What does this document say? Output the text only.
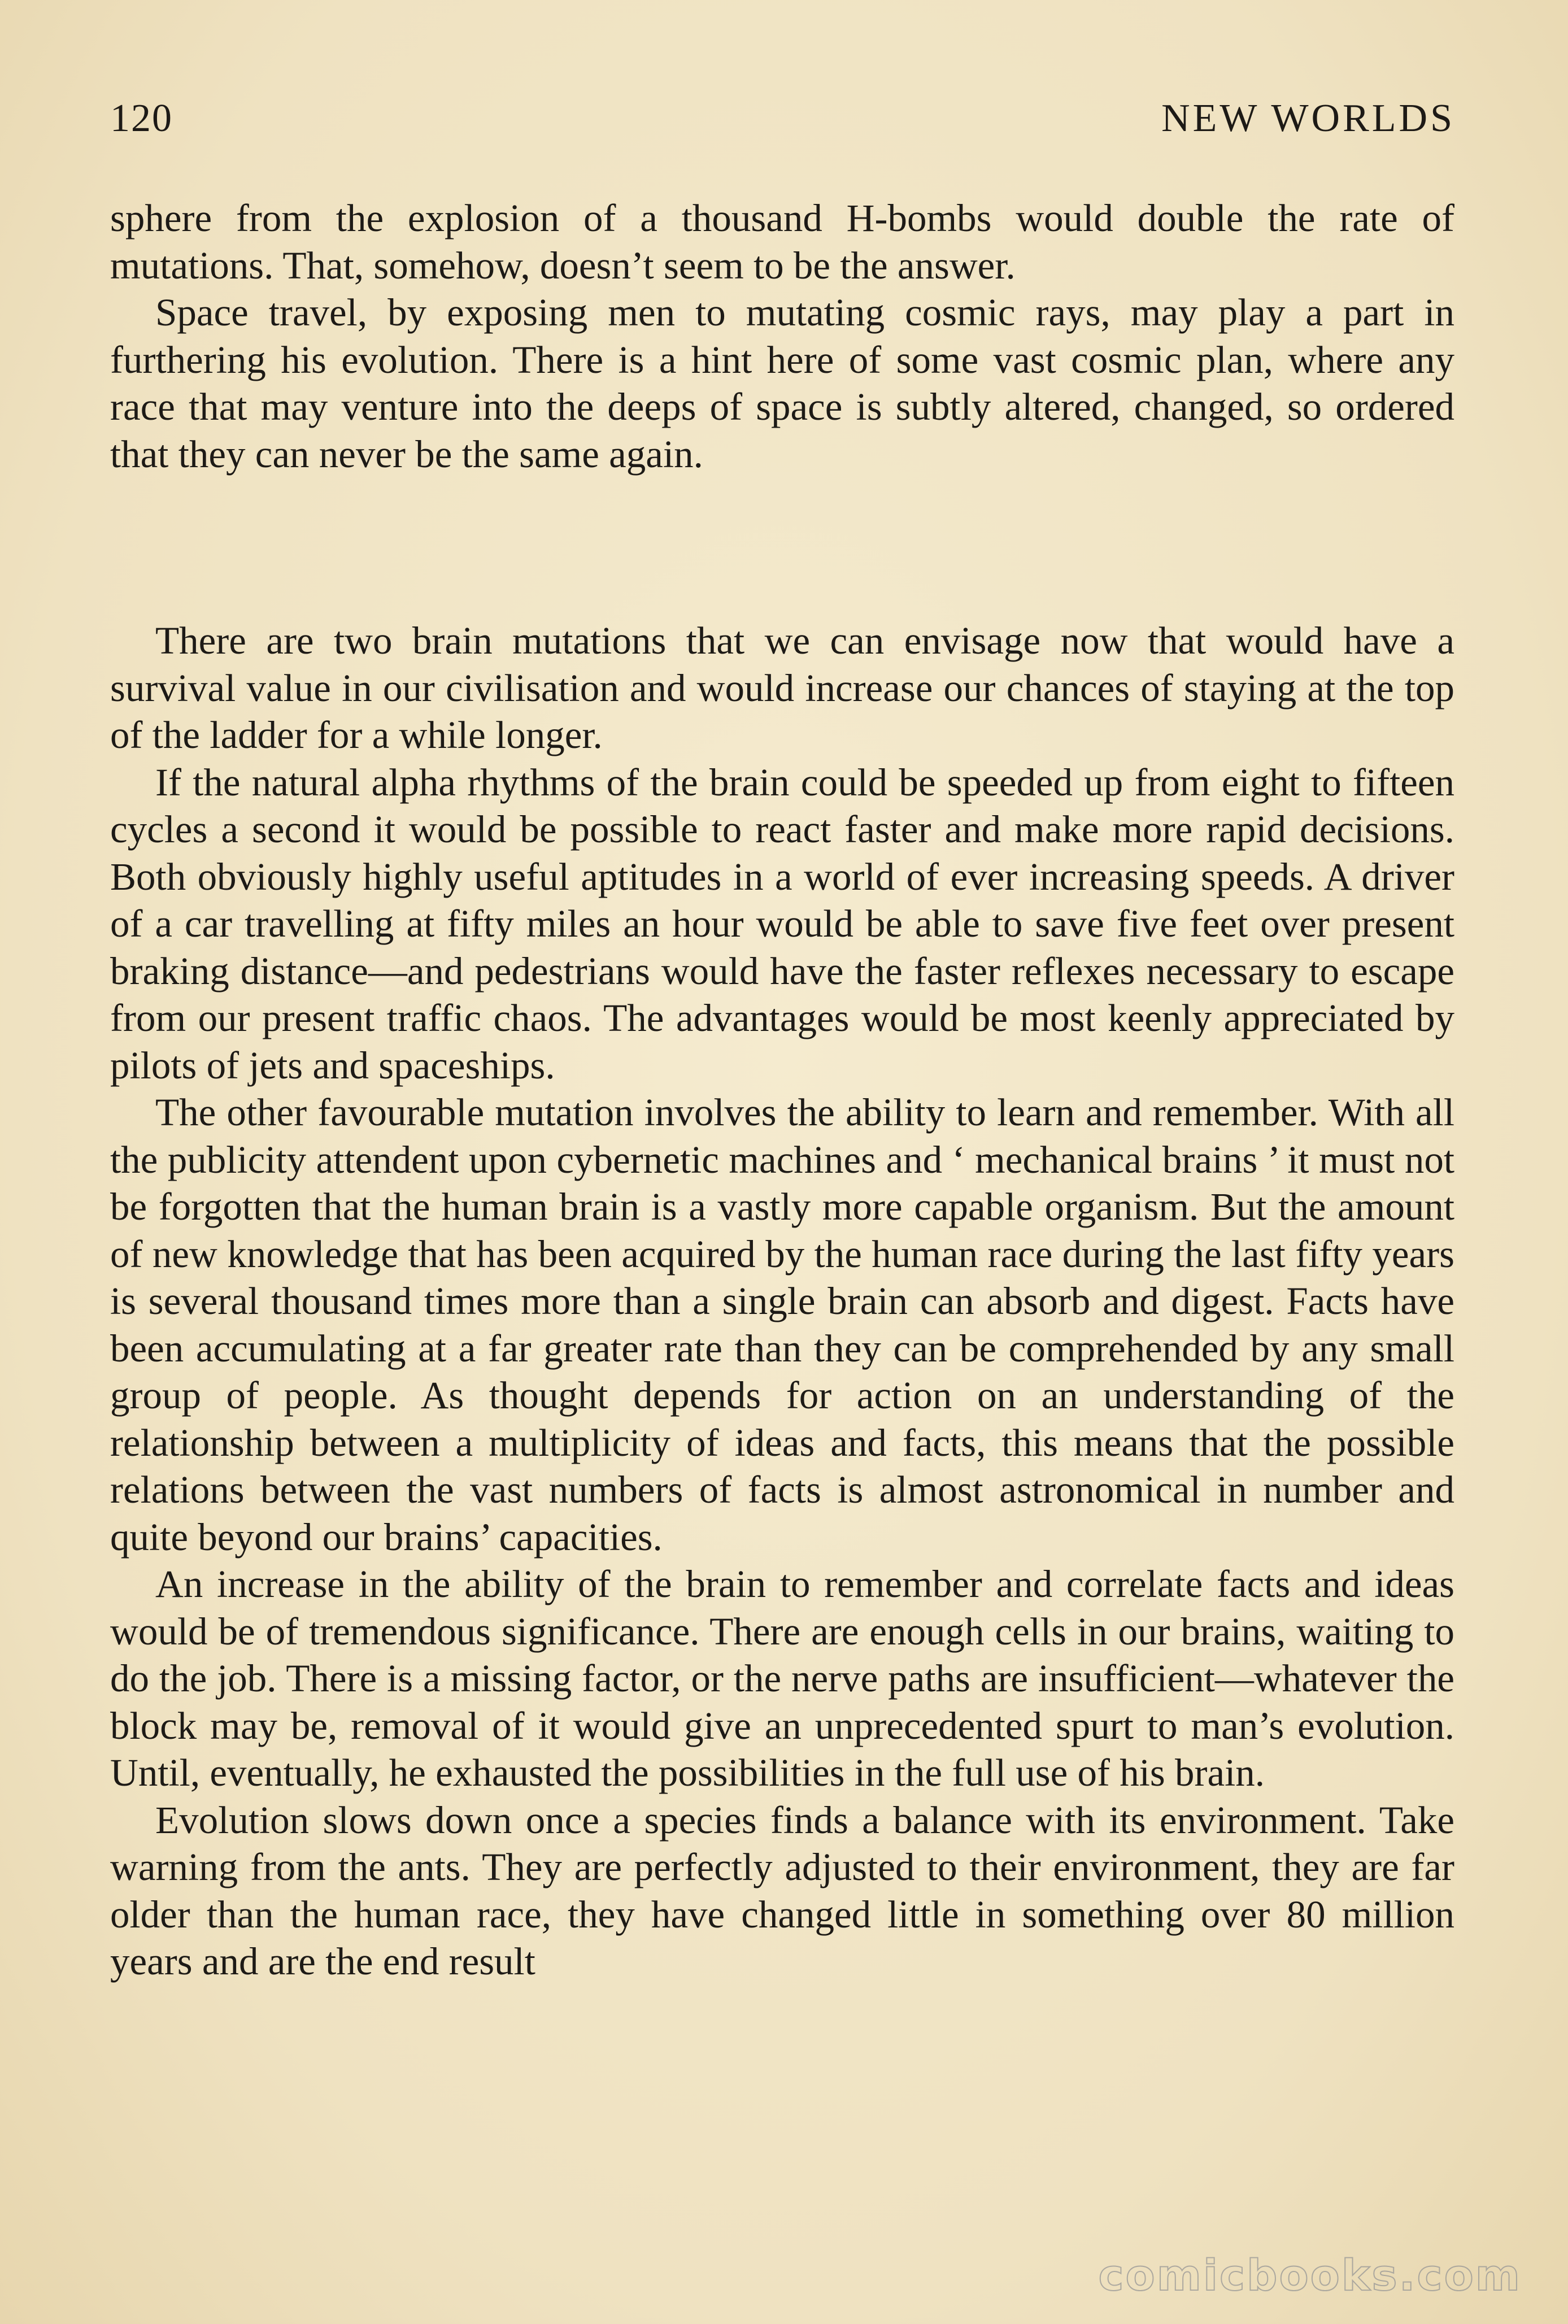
120	NEW WORLDS

sphere from the explosion of a thousand H-bombs would double the rate of mutations. That, somehow, doesn’t seem to be the answer.

Space travel, by exposing men to mutating cosmic rays, may play a part in furthering his evolution. There is a hint here of some vast cosmic plan, where any race that may venture into the deeps of space is subtly altered, changed, so ordered that they can never be the same again.

There are two brain mutations that we can envisage now that would have a survival value in our civilisation and would increase our chances of staying at the top of the ladder for a while longer.

If the natural alpha rhythms of the brain could be speeded up from eight to fifteen cycles a second it would be possible to react faster and make more rapid decisions. Both obviously highly useful aptitudes in a world of ever increasing speeds. A driver of a car travelling at fifty miles an hour would be able to save five feet over present braking distance—and pedestrians would have the faster reflexes necessary to escape from our present traffic chaos. The advantages would be most keenly appreciated by pilots of jets and spaceships.

The other favourable mutation involves the ability to learn and remember. With all the publicity attendent upon cybernetic machines and ‘ mechanical brains ’ it must not be forgotten that the human brain is a vastly more capable organism. But the amount of new knowledge that has been acquired by the human race during the last fifty years is several thousand times more than a single brain can absorb and digest. Facts have been accumulating at a far greater rate than they can be comprehended by any small group of people. As thought depends for action on an understanding of the relationship between a multiplicity of ideas and facts, this means that the possible relations between the vast numbers of facts is almost astronomical in number and quite beyond our brains’ capacities.

An increase in the ability of the brain to remember and correlate facts and ideas would be of tremendous significance. There are enough cells in our brains, waiting to do the job. There is a missing factor, or the nerve paths are insufficient—whatever the block may be, removal of it would give an unprecedented spurt to man’s evolution. Until, eventually, he exhausted the possibilities in the full use of his brain.

Evolution slows down once a species finds a balance with its environment. Take warning from the ants. They are perfectly adjusted to their environment, they are far older than the human race, they have changed little in something over 80 million years and are the end result

comicbooks.com
